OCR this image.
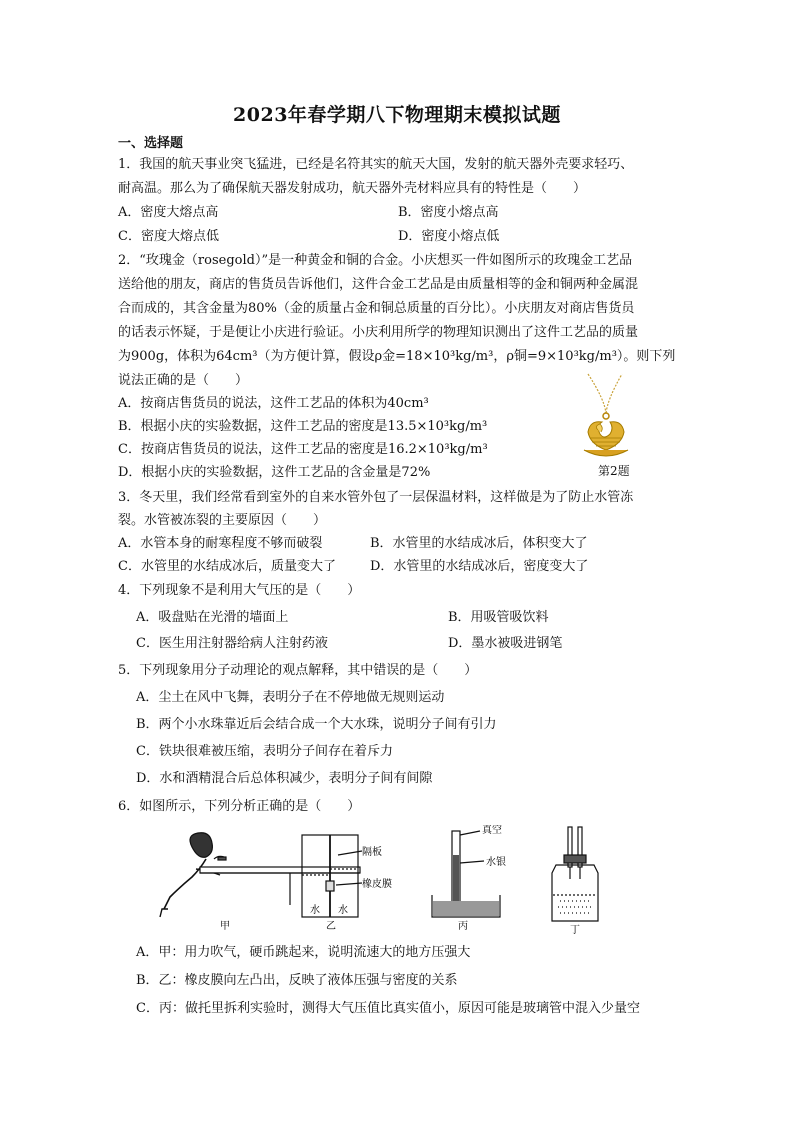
2023年春学期八下物理期末模拟试题
一、选择题
1．我国的航天事业突飞猛进，已经是名符其实的航天大国，发射的航天器外壳要求轻巧、
耐高温。那么为了确保航天器发射成功，航天器外壳材料应具有的特性是（　　）
A．密度大熔点高	B．密度小熔点高
C．密度大熔点低	D．密度小熔点低
2．“玫瑰金（rosegold）”是一种黄金和铜的合金。小庆想买一件如图所示的玫瑰金工艺品
送给他的朋友，商店的售货员告诉他们，这件合金工艺品是由质量相等的金和铜两种金属混
合而成的，其含金量为80%（金的质量占金和铜总质量的百分比）。小庆朋友对商店售货员
的话表示怀疑，于是便让小庆进行验证。小庆利用所学的物理知识测出了这件工艺品的质量
为900g，体积为64cm³（为方便计算，假设ρ金=18×10³kg/m³，ρ铜=9×10³kg/m³）。则下列
说法正确的是（　　）
A．按商店售货员的说法，这件工艺品的体积为40cm³
B．根据小庆的实验数据，这件工艺品的密度是13.5×10³kg/m³
C．按商店售货员的说法，这件工艺品的密度是16.2×10³kg/m³
D．根据小庆的实验数据，这件工艺品的含金量是72%	第2题
3．冬天里，我们经常看到室外的自来水管外包了一层保温材料，这样做是为了防止水管冻
裂。水管被冻裂的主要原因（　　）
A．水管本身的耐寒程度不够而破裂	B．水管里的水结成冰后，体积变大了
C．水管里的水结成冰后，质量变大了	D．水管里的水结成冰后，密度变大了
4．下列现象不是利用大气压的是（　　）
A．吸盘贴在光滑的墙面上	B．用吸管吸饮料
C．医生用注射器给病人注射药液	D．墨水被吸进钢笔
5．下列现象用分子动理论的观点解释，其中错误的是（　　）
A．尘土在风中飞舞，表明分子在不停地做无规则运动
B．两个小水珠靠近后会结合成一个大水珠，说明分子间有引力
C．铁块很难被压缩，表明分子间存在着斥力
D．水和酒精混合后总体积减少，表明分子间有间隙
6．如图所示，下列分析正确的是（　　）
甲	乙	丙	丁
隔板
橡皮膜
水 水
真空
水银
A．甲：用力吹气，硬币跳起来，说明流速大的地方压强大
B．乙：橡皮膜向左凸出，反映了液体压强与密度的关系
C．丙：做托里拆利实验时，测得大气压值比真实值小，原因可能是玻璃管中混入少量空
